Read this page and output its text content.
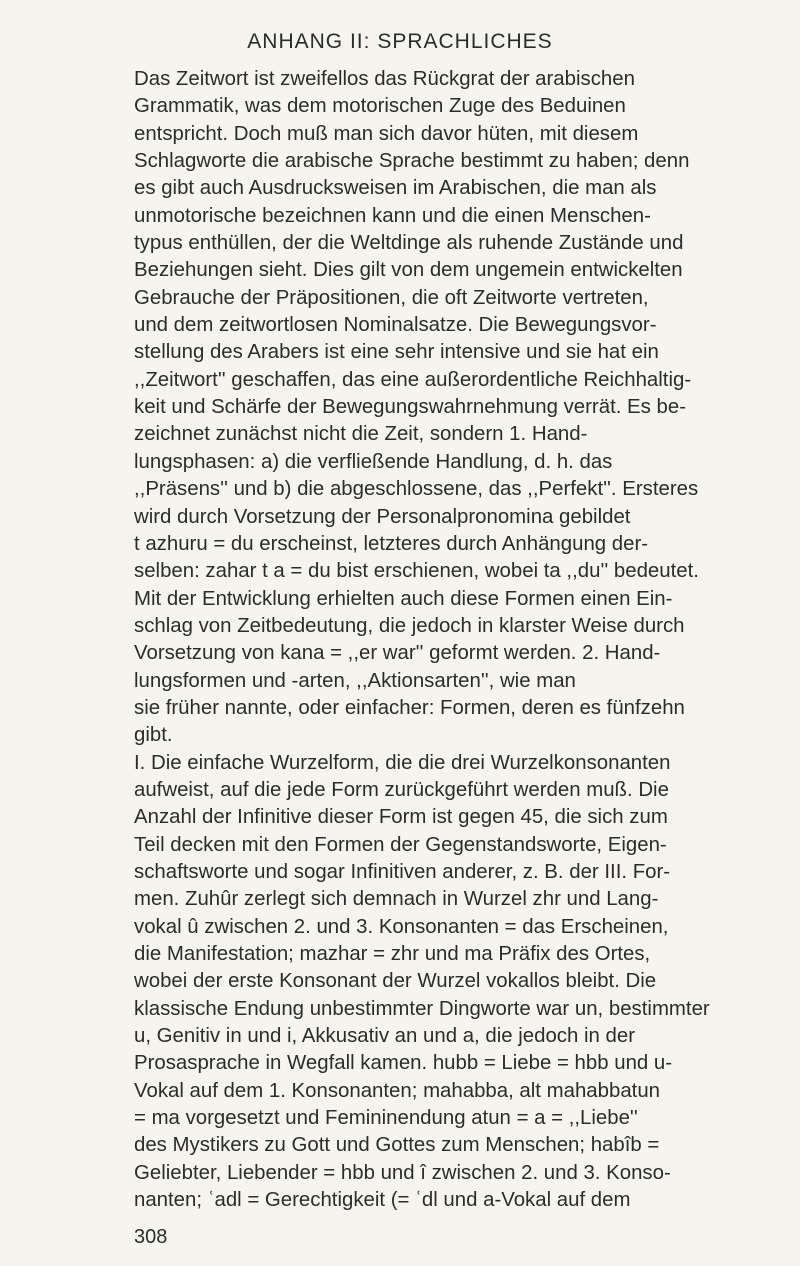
ANHANG II: SPRACHLICHES
Das Zeitwort ist zweifellos das Rückgrat der arabischen
Grammatik, was dem motorischen Zuge des Beduinen
entspricht. Doch muß man sich davor hüten, mit diesem
Schlagworte die arabische Sprache bestimmt zu haben; denn
es gibt auch Ausdrucksweisen im Arabischen, die man als
unmotorische bezeichnen kann und die einen Menschen-
typus enthüllen, der die Weltdinge als ruhende Zustände und
Beziehungen sieht. Dies gilt von dem ungemein entwickelten
Gebrauche der Präpositionen, die oft Zeitworte vertreten,
und dem zeitwortlosen Nominalsatze. Die Bewegungsvor-
stellung des Arabers ist eine sehr intensive und sie hat ein
,,Zeitwort'' geschaffen, das eine außerordentliche Reichhaltig-
keit und Schärfe der Bewegungswahrnehmung verrät. Es be-
zeichnet zunächst nicht die Zeit, sondern 1. Hand-
lungsphasen: a) die verfließende Handlung, d. h. das
,,Präsens'' und b) die abgeschlossene, das ,,Perfekt''. Ersteres
wird durch Vorsetzung der Personalpronomina gebildet
t azhuru = du erscheinst, letzteres durch Anhängung der-
selben: zahar t a = du bist erschienen, wobei ta ,,du'' bedeutet.
Mit der Entwicklung erhielten auch diese Formen einen Ein-
schlag von Zeitbedeutung, die jedoch in klarster Weise durch
Vorsetzung von kana = ,,er war'' geformt werden. 2. Hand-
lungsformen und -arten, ,,Aktionsarten'', wie man
sie früher nannte, oder einfacher: Formen, deren es fünfzehn
gibt.
I. Die einfache Wurzelform, die die drei Wurzelkonsonanten
aufweist, auf die jede Form zurückgeführt werden muß. Die
Anzahl der Infinitive dieser Form ist gegen 45, die sich zum
Teil decken mit den Formen der Gegenstandsworte, Eigen-
schaftsworte und sogar Infinitiven anderer, z. B. der III. For-
men. Zuhûr zerlegt sich demnach in Wurzel zhr und Lang-
vokal û zwischen 2. und 3. Konsonanten = das Erscheinen,
die Manifestation; mazhar = zhr und ma Präfix des Ortes,
wobei der erste Konsonant der Wurzel vokallos bleibt. Die
klassische Endung unbestimmter Dingworte war un, bestimmter
u, Genitiv in und i, Akkusativ an und a, die jedoch in der
Prosasprache in Wegfall kamen. hubb = Liebe = hbb und u-
Vokal auf dem 1. Konsonanten; mahabba, alt mahabbatun
= ma vorgesetzt und Femininendung atun = a = ,,Liebe''
des Mystikers zu Gott und Gottes zum Menschen; habîb =
Geliebter, Liebender = hbb und î zwischen 2. und 3. Konso-
nanten; ʿadl = Gerechtigkeit (= ʿdl und a-Vokal auf dem
308
